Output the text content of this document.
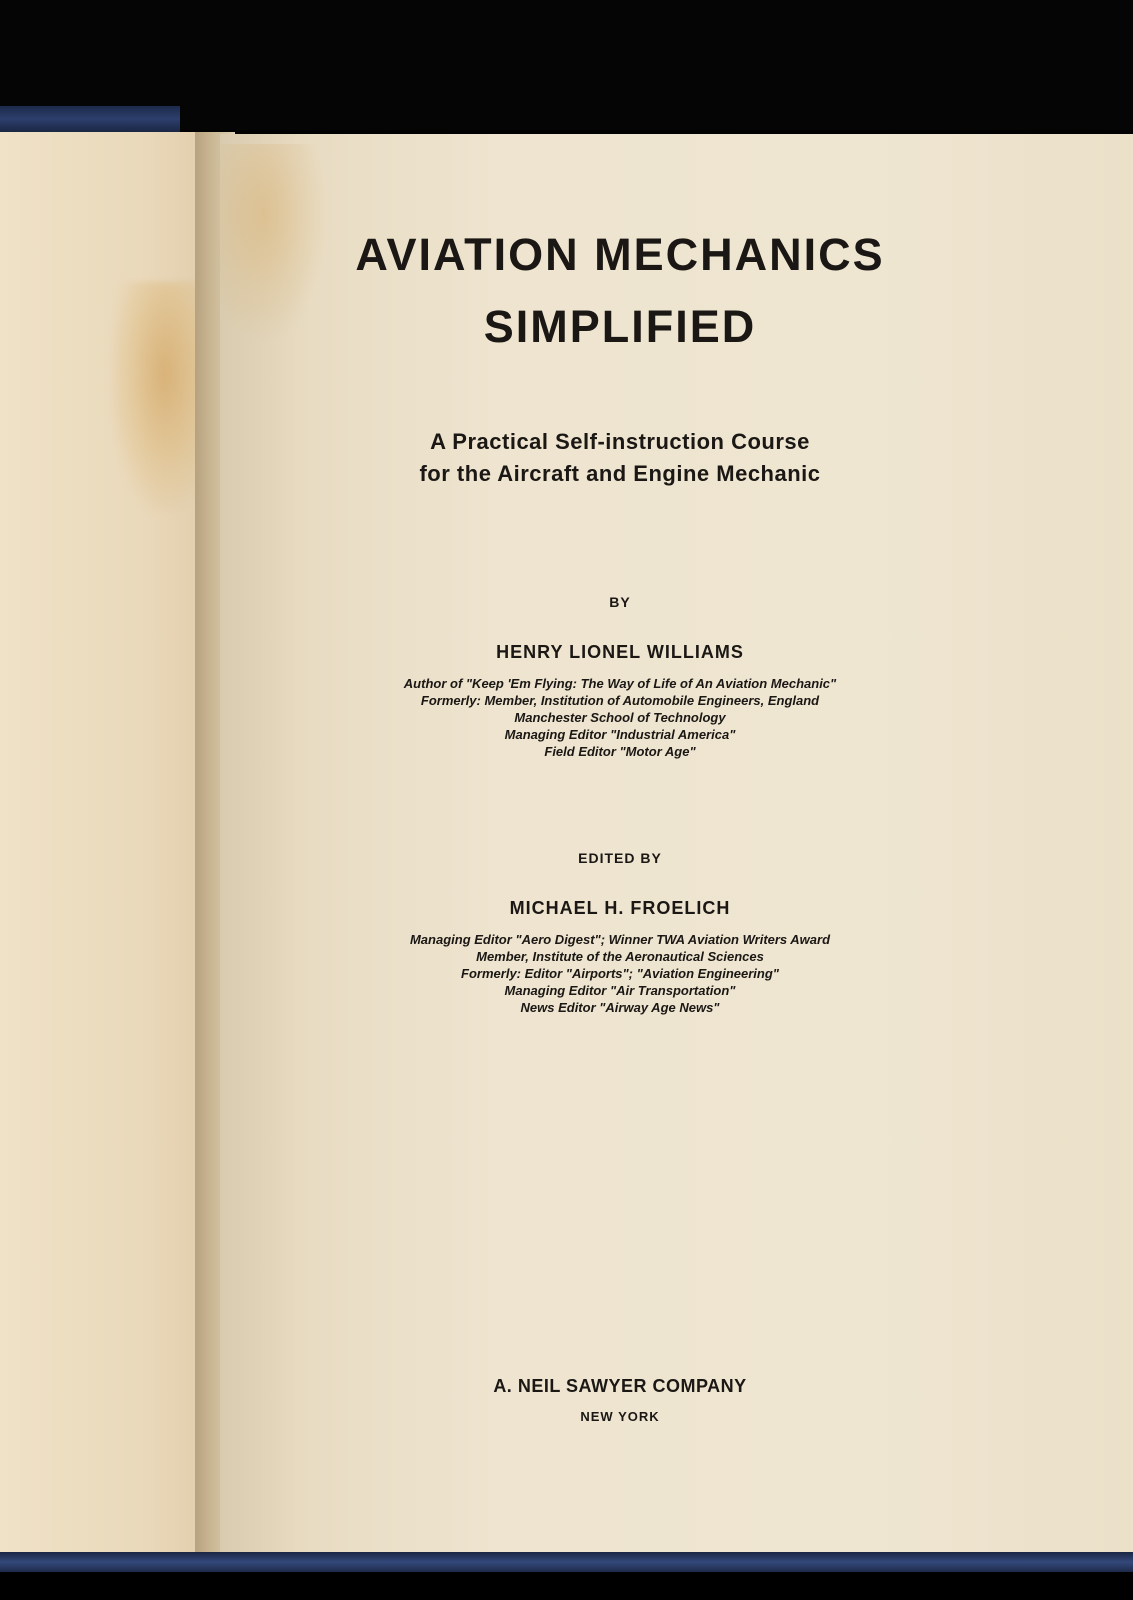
AVIATION MECHANICS
SIMPLIFIED
A Practical Self-instruction Course
for the Aircraft and Engine Mechanic
BY
HENRY LIONEL WILLIAMS
Author of "Keep 'Em Flying: The Way of Life of An Aviation Mechanic"
Formerly: Member, Institution of Automobile Engineers, England
Manchester School of Technology
Managing Editor "Industrial America"
Field Editor "Motor Age"
EDITED BY
MICHAEL H. FROELICH
Managing Editor "Aero Digest"; Winner TWA Aviation Writers Award
Member, Institute of the Aeronautical Sciences
Formerly: Editor "Airports"; "Aviation Engineering"
Managing Editor "Air Transportation"
News Editor "Airway Age News"
A. NEIL SAWYER COMPANY
NEW YORK
